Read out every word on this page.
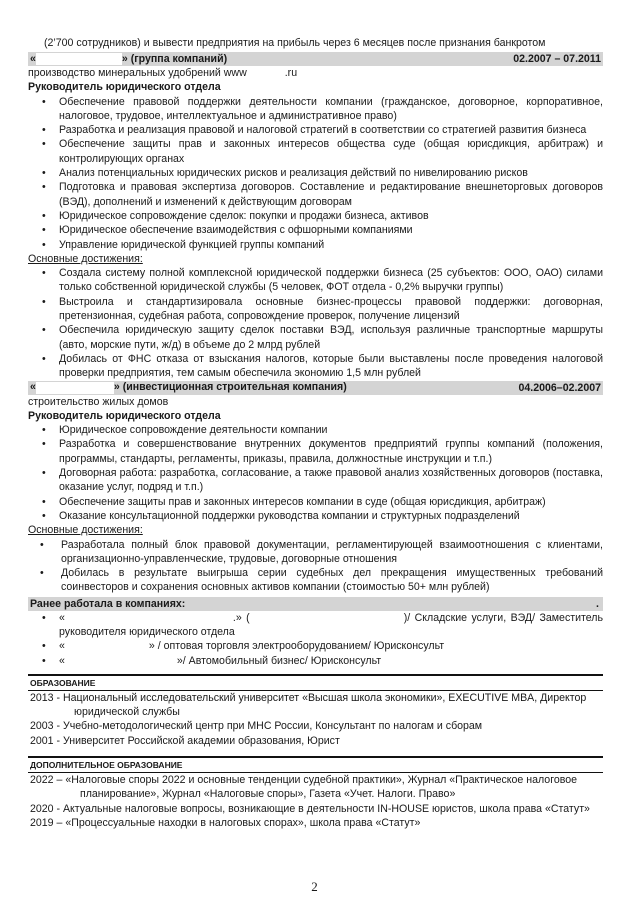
(2’700 сотрудников) и вывести предприятия на прибыль через 6 месяцев после признания банкротом
«	» (группа компаний)	02.2007 – 07.2011
производство минеральных удобрений www	.ru
Руководитель юридического отдела
• Обеспечение правовой поддержки деятельности компании (гражданское, договорное, корпоративное, налоговое, трудовое, интеллектуальное и административное право)
• Разработка и реализация правовой и налоговой стратегий в соответствии со стратегией развития бизнеса
• Обеспечение защиты прав и законных интересов общества суде (общая юрисдикция, арбитраж) и контролирующих органах
• Анализ потенциальных юридических рисков и реализация действий по нивелированию рисков
• Подготовка и правовая экспертиза договоров. Составление и редактирование внешнеторговых договоров (ВЭД), дополнений и изменений к действующим договорам
• Юридическое сопровождение сделок: покупки и продажи бизнеса, активов
• Юридическое обеспечение взаимодействия с офшорными компаниями
• Управление юридической функцией группы компаний
Основные достижения:
• Создала систему полной комплексной юридической поддержки бизнеса (25 субъектов: ООО, ОАО) силами только собственной юридической службы (5 человек, ФОТ отдела - 0,2% выручки группы)
• Выстроила и стандартизировала основные бизнес-процессы правовой поддержки: договорная, претензионная, судебная работа, сопровождение проверок, получение лицензий
• Обеспечила юридическую защиту сделок поставки ВЭД, используя различные транспортные маршруты (авто, морские пути, ж/д) в объеме до 2 млрд рублей
• Добилась от ФНС отказа от взыскания налогов, которые были выставлены после проведения налоговой проверки предприятия, тем самым обеспечила экономию 1,5 млн рублей
«	» (инвестиционная строительная компания)	04.2006–02.2007
строительство жилых домов
Руководитель юридического отдела
• Юридическое сопровождение деятельности компании
• Разработка и совершенствование внутренних документов предприятий группы компаний (положения, программы, стандарты, регламенты, приказы, правила, должностные инструкции и т.п.)
• Договорная работа: разработка, согласование, а также правовой анализ хозяйственных договоров (поставка, оказание услуг, подряд и т.п.)
• Обеспечение защиты прав и законных интересов компании в суде (общая юрисдикция, арбитраж)
• Оказание консультационной поддержки руководства компании и структурных подразделений
Основные достижения:
• Разработала полный блок правовой документации, регламентирующей взаимоотношения с клиентами, организационно-управленческие, трудовые, договорные отношения
• Добилась в результате выигрыша серии судебных дел прекращения имущественных требований соинвесторов и сохранения основных активов компании (стоимостью 50+ млн рублей)
Ранее работала в компаниях:	.
• «	.» (	)/ Складские услуги, ВЭД/ Заместитель руководителя юридического отдела
• «	» / оптовая торговля электрооборудованием/ Юрисконсульт
• «	»/ Автомобильный бизнес/ Юрисконсульт
ОБРАЗОВАНИЕ
2013 - Национальный исследовательский университет «Высшая школа экономики», EXECUTIVE MBA, Директор юридической службы
2003 - Учебно-методологический центр при МНС России, Консультант по налогам и сборам
2001 - Университет Российской академии образования, Юрист
ДОПОЛНИТЕЛЬНОЕ ОБРАЗОВАНИЕ
2022 – «Налоговые споры 2022 и основные тенденции судебной практики», Журнал «Практическое налоговое планирование», Журнал «Налоговые споры», Газета «Учет. Налоги. Право»
2020 - Актуальные налоговые вопросы, возникающие в деятельности IN-HOUSE юристов, школа права «Статут»
2019 – «Процессуальные находки в налоговых спорах», школа права «Статут»
2
